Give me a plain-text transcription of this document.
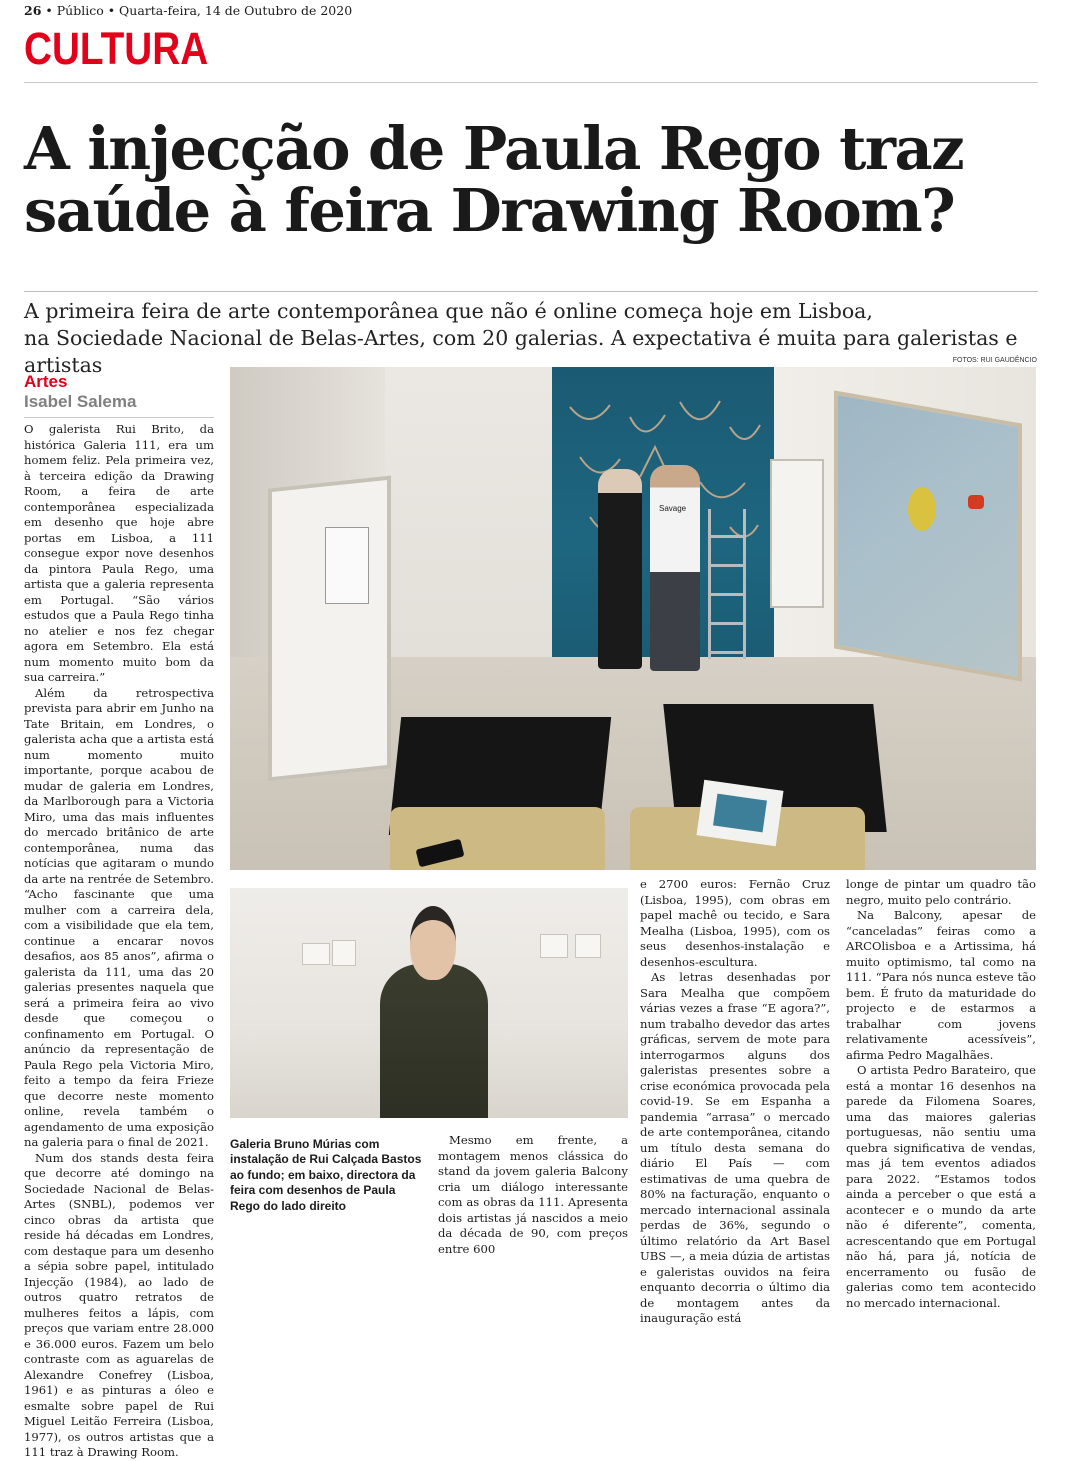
26 • Público • Quarta-feira, 14 de Outubro de 2020
CULTURA
A injecção de Paula Rego traz saúde à feira Drawing Room?
A primeira feira de arte contemporânea que não é online começa hoje em Lisboa,
na Sociedade Nacional de Belas-Artes, com 20 galerias. A expectativa é muita para galeristas e artistas	FOTOS: RUI GAUDÊNCIO
Artes
Isabel Salema
Savage
Galeria Bruno Múrias com instalação de Rui Calçada Bastos ao fundo; em baixo, directora da feira com desenhos de Paula Rego do lado direito

O galerista Rui Brito, da histórica Galeria 111, era um homem feliz. Pela primeira vez, à terceira edição da Drawing Room, a feira de arte contemporânea especializada em desenho que hoje abre portas em Lisboa, a 111 consegue expor nove desenhos da pintora Paula Rego, uma artista que a galeria representa em Portugal. “São vários estudos que a Paula Rego tinha no atelier e nos fez chegar agora em Setembro. Ela está num momento muito bom da sua carreira.”

Além da retrospectiva prevista para abrir em Junho na Tate Britain, em Londres, o galerista acha que a artista está num momento muito importante, porque acabou de mudar de galeria em Londres, da Marlborough para a Victoria Miro, uma das mais influentes do mercado britânico de arte contemporânea, numa das notícias que agitaram o mundo da arte na rentrée de Setembro. “Acho fascinante que uma mulher com a carreira dela, com a visibilidade que ela tem, continue a encarar novos desafios, aos 85 anos”, afirma o galerista da 111, uma das 20 galerias presentes naquela que será a primeira feira ao vivo desde que começou o confinamento em Portugal. O anúncio da representação de Paula Rego pela Victoria Miro, feito a tempo da feira Frieze que decorre neste momento online, revela também o agendamento de uma exposição na galeria para o final de 2021.

Num dos stands desta feira que decorre até domingo na Sociedade Nacional de Belas-Artes (SNBL), podemos ver cinco obras da artista que reside há décadas em Londres, com destaque para um desenho a sépia sobre papel, intitulado Injecção (1984), ao lado de outros quatro retratos de mulheres feitos a lápis, com preços que variam entre 28.000 e 36.000 euros. Fazem um belo contraste com as aguarelas de Alexandre Conefrey (Lisboa, 1961) e as pinturas a óleo e esmalte sobre papel de Rui Miguel Leitão Ferreira (Lisboa, 1977), os outros artistas que a 111 traz à Drawing Room.

Mesmo em frente, a montagem menos clássica do stand da jovem galeria Balcony cria um diálogo interessante com as obras da 111. Apresenta dois artistas já nascidos a meio da década de 90, com preços entre 600

e 2700 euros: Fernão Cruz (Lisboa, 1995), com obras em papel machê ou tecido, e Sara Mealha (Lisboa, 1995), com os seus desenhos-instalação e desenhos-escultura.

As letras desenhadas por Sara Mealha que compõem várias vezes a frase “E agora?”, num trabalho devedor das artes gráficas, servem de mote para interrogarmos alguns dos galeristas presentes sobre a crise económica provocada pela covid-19. Se em Espanha a pandemia “arrasa” o mercado de arte contemporânea, citando um título desta semana do diário El País — com estimativas de uma quebra de 80% na facturação, enquanto o mercado internacional assinala perdas de 36%, segundo o último relatório da Art Basel UBS —, a meia dúzia de artistas e galeristas ouvidos na feira enquanto decorria o último dia de montagem antes da inauguração está

longe de pintar um quadro tão negro, muito pelo contrário.

Na Balcony, apesar de “canceladas” feiras como a ARCOlisboa e a Artissima, há muito optimismo, tal como na 111. “Para nós nunca esteve tão bem. É fruto da maturidade do projecto e de estarmos a trabalhar com jovens relativamente acessíveis”, afirma Pedro Magalhães.

O artista Pedro Barateiro, que está a montar 16 desenhos na parede da Filomena Soares, uma das maiores galerias portuguesas, não sentiu uma quebra significativa de vendas, mas já tem eventos adiados para 2022. “Estamos todos ainda a perceber o que está a acontecer e o mundo da arte não é diferente”, comenta, acrescentando que em Portugal não há, para já, notícia de encerramento ou fusão de galerias como tem acontecido no mercado internacional.
